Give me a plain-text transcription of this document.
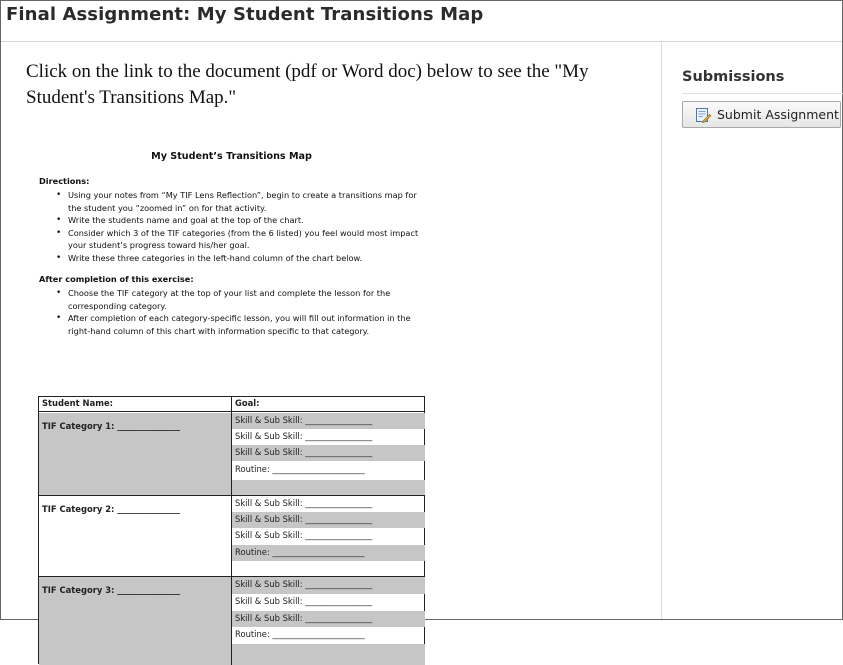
Final Assignment: My Student Transitions Map

Click on the link to the document (pdf or Word doc) below to see the "My Student's Transitions Map."

My Student’s Transitions Map
Directions:
• Using your notes from “My TIF Lens Reflection”, begin to create a transitions map for the student you “zoomed in” on for that activity.
• Write the students name and goal at the top of the chart.
• Consider which 3 of the TIF categories (from the 6 listed) you feel would most impact your student’s progress toward his/her goal.
• Write these three categories in the left-hand column of the chart below.
After completion of this exercise:
• Choose the TIF category at the top of your list and complete the lesson for the corresponding category.
• After completion of each category-specific lesson, you will fill out information in the right-hand column of this chart with information specific to that category.
Student Name:	Goal:
TIF Category 1: _______________
Skill & Sub Skill: ________________
Skill & Sub Skill: ________________
Skill & Sub Skill: ________________
Routine: ______________________
TIF Category 2: _______________
Skill & Sub Skill: ________________
Skill & Sub Skill: ________________
Skill & Sub Skill: ________________
Routine: ______________________
TIF Category 3: _______________
Skill & Sub Skill: ________________
Skill & Sub Skill: ________________
Skill & Sub Skill: ________________
Routine: ______________________
Submissions
Submit Assignment
